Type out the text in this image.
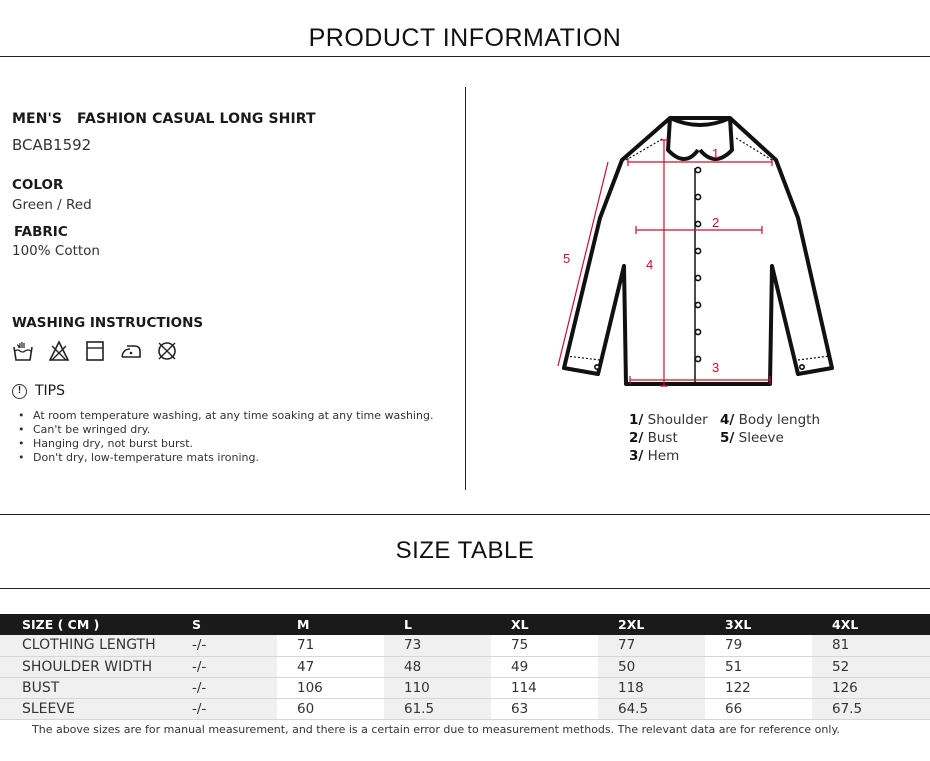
PRODUCT INFORMATION
MEN'S   FASHION CASUAL LONG SHIRT
BCAB1592
COLOR
Green / Red
FABRIC
100% Cotton
WASHING INSTRUCTIONS
! TIPS
• At room temperature washing, at any time soaking at any time washing.
• Can't be wringed dry.
• Hanging dry, not burst burst.
• Don't dry, low-temperature mats ironing.
1
2
3
4
5
1/ Shoulder
2/ Bust
3/ Hem
4/ Body length
5/ Sleeve
SIZE TABLE
SIZE ( CM )	S	M	L	XL	2XL	3XL	4XL
CLOTHING LENGTH	-/-	71	73	75	77	79	81
SHOULDER WIDTH	-/-	47	48	49	50	51	52
BUST	-/-	106	110	114	118	122	126
SLEEVE	-/-	60	61.5	63	64.5	66	67.5
The above sizes are for manual measurement, and there is a certain error due to measurement methods. The relevant data are for reference only.
